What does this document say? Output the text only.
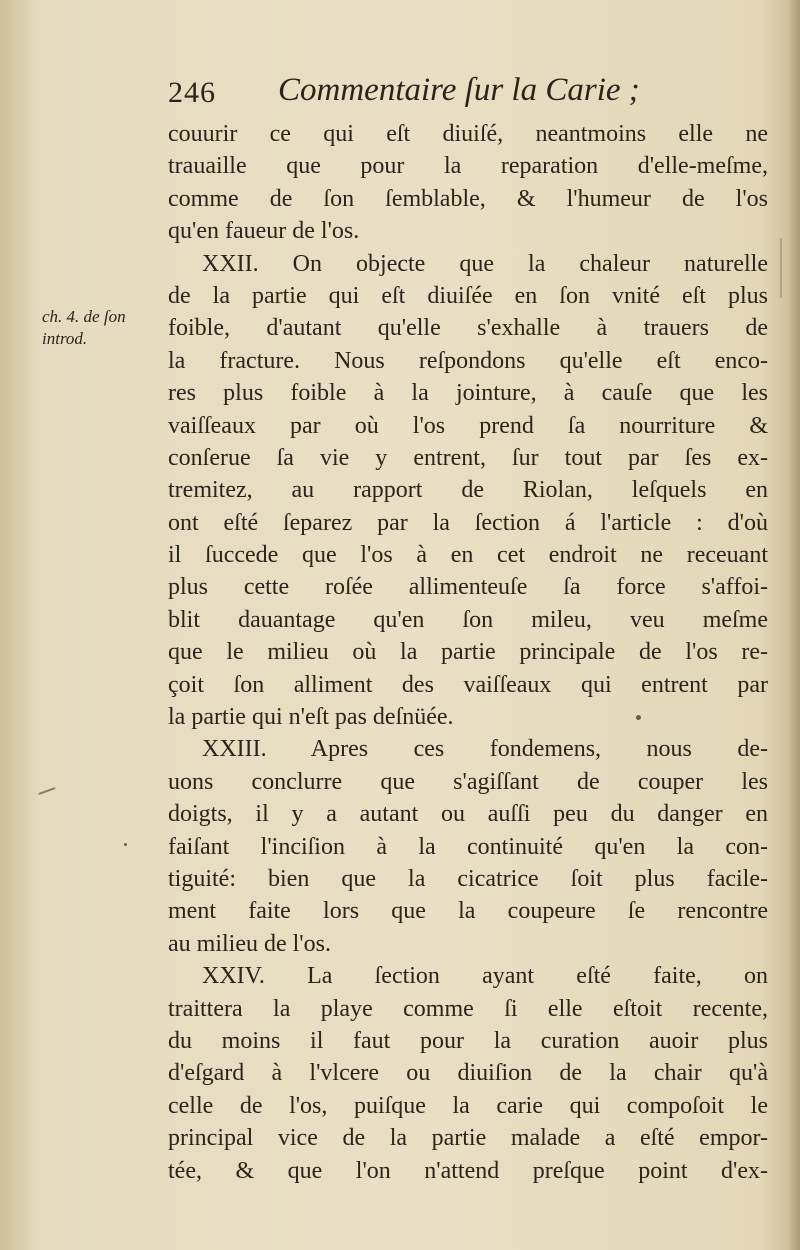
246 Commentaire ſur la Carie ;
ch. 4. de ſon
introd.
couurir ce qui eſt diuiſé, neantmoins elle ne
trauaille que pour la reparation d'elle-meſme,
comme de ſon ſemblable, & l'humeur de l'os
qu'en faueur de l'os.
XXII. On objecte que la chaleur naturelle
de la partie qui eſt diuiſée en ſon vnité eſt plus
foible, d'autant qu'elle s'exhalle à trauers de
la fracture. Nous reſpondons qu'elle eſt enco-
res plus foible à la jointure, à cauſe que les
vaiſſeaux par où l'os prend ſa nourriture &
conſerue ſa vie y entrent, ſur tout par ſes ex-
tremitez, au rapport de Riolan, leſquels en
ont eſté ſeparez par la ſection á l'article : d'où
il ſuccede que l'os à en cet endroit ne receuant
plus cette roſée allimenteuſe ſa force s'affoi-
blit dauantage qu'en ſon mileu, veu meſme
que le milieu où la partie principale de l'os re-
çoit ſon alliment des vaiſſeaux qui entrent par
la partie qui n'eſt pas deſnüée.
XXIII. Apres ces fondemens, nous de-
uons conclurre que s'agiſſant de couper les
doigts, il y a autant ou auſſi peu du danger en
faiſant l'inciſion à la continuité qu'en la con-
tiguité: bien que la cicatrice ſoit plus facile-
ment faite lors que la coupeure ſe rencontre
au milieu de l'os.
XXIV. La ſection ayant eſté faite, on
traittera la playe comme ſi elle eſtoit recente,
du moins il faut pour la curation auoir plus
d'eſgard à l'vlcere ou diuiſion de la chair qu'à
celle de l'os, puiſque la carie qui compoſoit le
principal vice de la partie malade a eſté empor-
tée, & que l'on n'attend preſque point d'ex-
